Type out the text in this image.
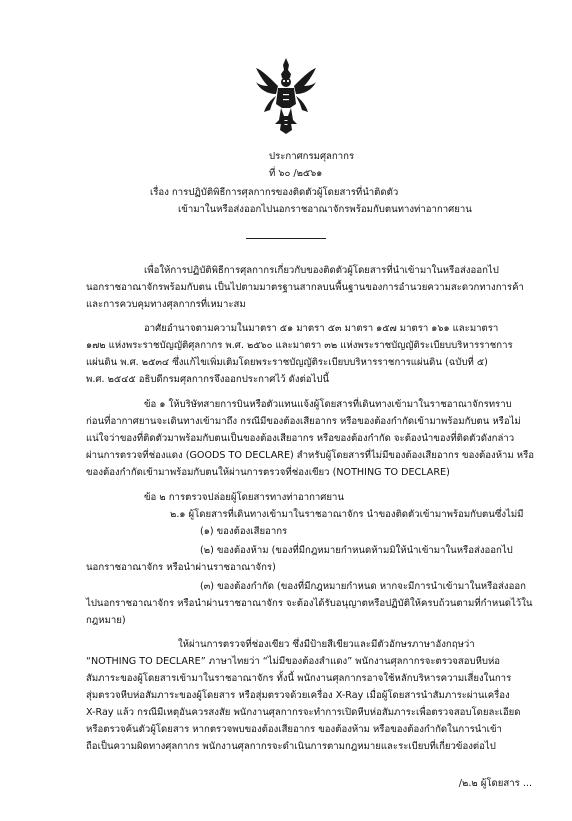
ประกาศกรมศุลกากร
ที่ ๖๐ /๒๕๖๑
เรื่อง การปฏิบัติพิธีการศุลกากรของติดตัวผู้โดยสารที่นำติดตัว
เข้ามาในหรือส่งออกไปนอกราชอาณาจักรพร้อมกับตนทางท่าอากาศยาน
เพื่อให้การปฏิบัติพิธีการศุลกากรเกี่ยวกับของติดตัวผู้โดยสารที่นำเข้ามาในหรือส่งออกไป
นอกราชอาณาจักรพร้อมกับตน เป็นไปตามมาตรฐานสากลบนพื้นฐานของการอำนวยความสะดวกทางการค้า
และการควบคุมทางศุลกากรที่เหมาะสม
อาศัยอำนาจตามความในมาตรา ๕๑ มาตรา ๕๓ มาตรา ๑๕๗ มาตรา ๑๖๑ และมาตรา
๑๗๒ แห่งพระราชบัญญัติศุลกากร พ.ศ. ๒๕๖๐ และมาตรา ๓๒ แห่งพระราชบัญญัติระเบียบบริหารราชการ
แผ่นดิน พ.ศ. ๒๕๓๔ ซึ่งแก้ไขเพิ่มเติมโดยพระราชบัญญัติระเบียบบริหารราชการแผ่นดิน (ฉบับที่ ๕)
พ.ศ. ๒๕๔๕ อธิบดีกรมศุลกากรจึงออกประกาศไว้ ดังต่อไปนี้
ข้อ ๑ ให้บริษัทสายการบินหรือตัวแทนแจ้งผู้โดยสารที่เดินทางเข้ามาในราชอาณาจักรทราบ
ก่อนที่อากาศยานจะเดินทางเข้ามาถึง กรณีมีของต้องเสียอากร หรือของต้องกำกัดเข้ามาพร้อมกับตน หรือไม่
แน่ใจว่าของที่ติดตัวมาพร้อมกับตนเป็นของต้องเสียอากร หรือของต้องกำกัด จะต้องนำของที่ติดตัวดังกล่าว
ผ่านการตรวจที่ช่องแดง (GOODS TO DECLARE) สำหรับผู้โดยสารที่ไม่มีของต้องเสียอากร ของต้องห้าม หรือ
ของต้องกำกัดเข้ามาพร้อมกับตนให้ผ่านการตรวจที่ช่องเขียว (NOTHING TO DECLARE)
ข้อ ๒ การตรวจปล่อยผู้โดยสารทางท่าอากาศยาน
๒.๑ ผู้โดยสารที่เดินทางเข้ามาในราชอาณาจักร นำของติดตัวเข้ามาพร้อมกับตนซึ่งไม่มี
(๑) ของต้องเสียอากร
(๒) ของต้องห้าม (ของที่มีกฎหมายกำหนดห้ามมิให้นำเข้ามาในหรือส่งออกไป
นอกราชอาณาจักร หรือนำผ่านราชอาณาจักร)
(๓) ของต้องกำกัด (ของที่มีกฎหมายกำหนด หากจะมีการนำเข้ามาในหรือส่งออก
ไปนอกราชอาณาจักร หรือนำผ่านราชอาณาจักร จะต้องได้รับอนุญาตหรือปฏิบัติให้ครบถ้วนตามที่กำหนดไว้ใน
กฎหมาย)
ให้ผ่านการตรวจที่ช่องเขียว ซึ่งมีป้ายสีเขียวและมีตัวอักษรภาษาอังกฤษว่า
“NOTHING TO DECLARE” ภาษาไทยว่า “ไม่มีของต้องสำแดง” พนักงานศุลกากรจะตรวจสอบหีบห่อ
สัมภาระของผู้โดยสารเข้ามาในราชอาณาจักร ทั้งนี้ พนักงานศุลกากรอาจใช้หลักบริหารความเสี่ยงในการ
สุ่มตรวจหีบห่อสัมภาระของผู้โดยสาร หรือสุ่มตรวจด้วยเครื่อง X-Ray เมื่อผู้โดยสารนำสัมภาระผ่านเครื่อง
X-Ray แล้ว กรณีมีเหตุอันควรสงสัย พนักงานศุลกากรจะทำการเปิดหีบห่อสัมภาระเพื่อตรวจสอบโดยละเอียด
หรือตรวจค้นตัวผู้โดยสาร หากตรวจพบของต้องเสียอากร ของต้องห้าม หรือของต้องกำกัดในการนำเข้า
ถือเป็นความผิดทางศุลกากร พนักงานศุลกากรจะดำเนินการตามกฎหมายและระเบียบที่เกี่ยวข้องต่อไป
/๒.๒ ผู้โดยสาร ...
